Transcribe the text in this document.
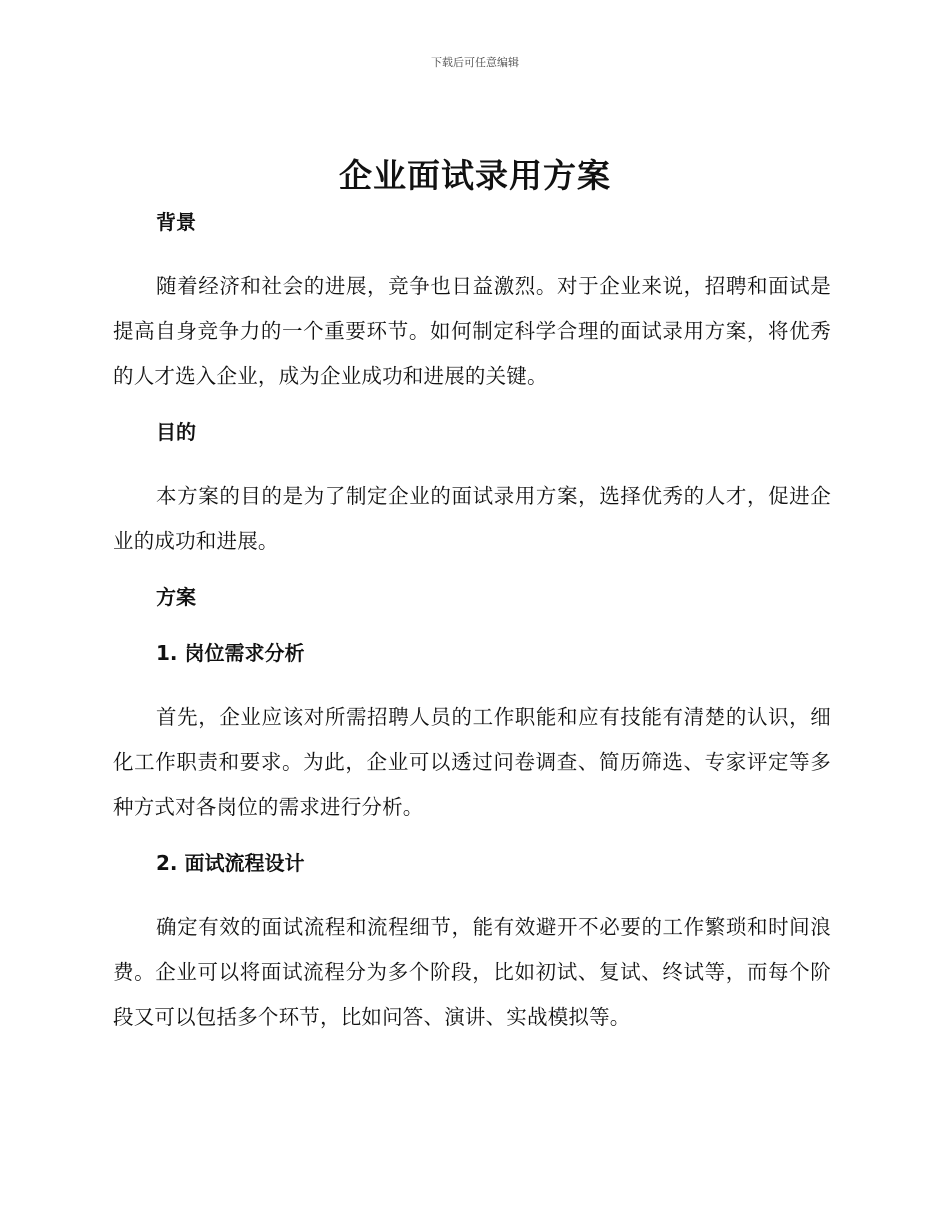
下载后可任意编辑
企业面试录用方案
背景

随着经济和社会的进展，竞争也日益激烈。对于企业来说，招聘和面试是提高自身竞争力的一个重要环节。如何制定科学合理的面试录用方案，将优秀的人才选入企业，成为企业成功和进展的关键。

目的

本方案的目的是为了制定企业的面试录用方案，选择优秀的人才，促进企业的成功和进展。

方案
1. 岗位需求分析

首先，企业应该对所需招聘人员的工作职能和应有技能有清楚的认识，细化工作职责和要求。为此，企业可以透过问卷调查、简历筛选、专家评定等多种方式对各岗位的需求进行分析。

2. 面试流程设计

确定有效的面试流程和流程细节，能有效避开不必要的工作繁琐和时间浪费。企业可以将面试流程分为多个阶段，比如初试、复试、终试等，而每个阶段又可以包括多个环节，比如问答、演讲、实战模拟等。
